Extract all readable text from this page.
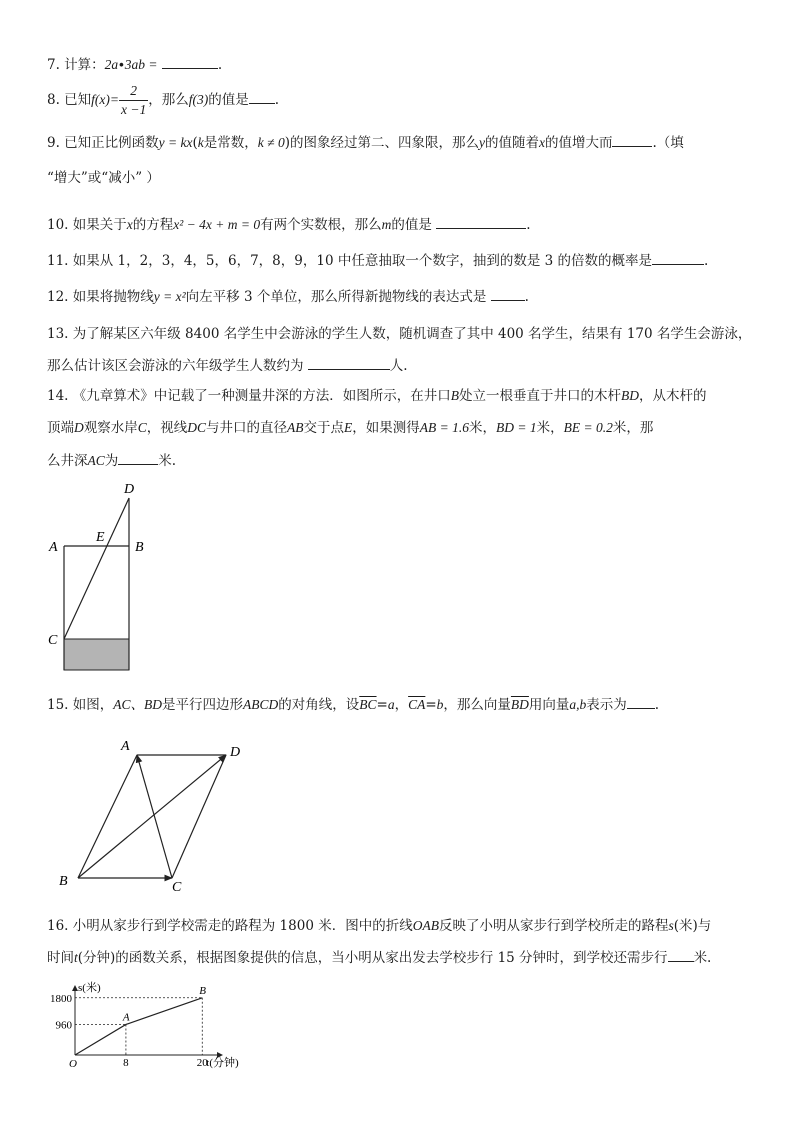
7. 计算：2a∙3ab =	.
8. 已知$f(x)= \frac{2}{x -1}$ ，那么f(3)的值是 .
9. 已知正比例函数y = kx(k是常数，k ≠ 0)的图象经过第二、四象限，那么y的值随着x的值增大而	.（填
“增大”或“减小” ）
10. 如果关于x的方程x² − 4x + m = 0有两个实数根，那么m的值是	.
11. 如果从 1，2，3，4，5，6，7，8，9，10 中任意抽取一个数字，抽到的数是 3 的倍数的概率是	.
12. 如果将抛物线y = x²向左平移 3 个单位，那么所得新抛物线的表达式是	.
13. 为了解某区六年级 8400 名学生中会游泳的学生人数，随机调查了其中 400 名学生，结果有 170 名学生会游泳，
那么估计该区会游泳的六年级学生人数约为	人.
14. 《九章算术》中记载了一种测量井深的方法．如图所示，在井口B处立一根垂直于井口的木杆BD，从木杆的
顶端D观察水岸C，视线DC与井口的直径AB交于点E，如果测得AB = 1.6米，BD = 1米，BE = 0.2米，那
么井深AC为	米.
D
E
A	B
C
15. 如图，AC、BD是平行四边形ABCD的对角线，设$\overline{BC}=a$，$\overline{CA}=b$，那么向量$\overline{BD}$用向量a,b表示为 .
A	D
B	C
16. 小明从家步行到学校需走的路程为 1800 米．图中的折线OAB反映了小明从家步行到学校所走的路程s(米)与
时间t(分钟)的函数关系，根据图象提供的信息，当小明从家出发去学校步行 15 分钟时，到学校还需步行 米.
s(米)
t(分钟)
O
A
B
960
1800
8	20
